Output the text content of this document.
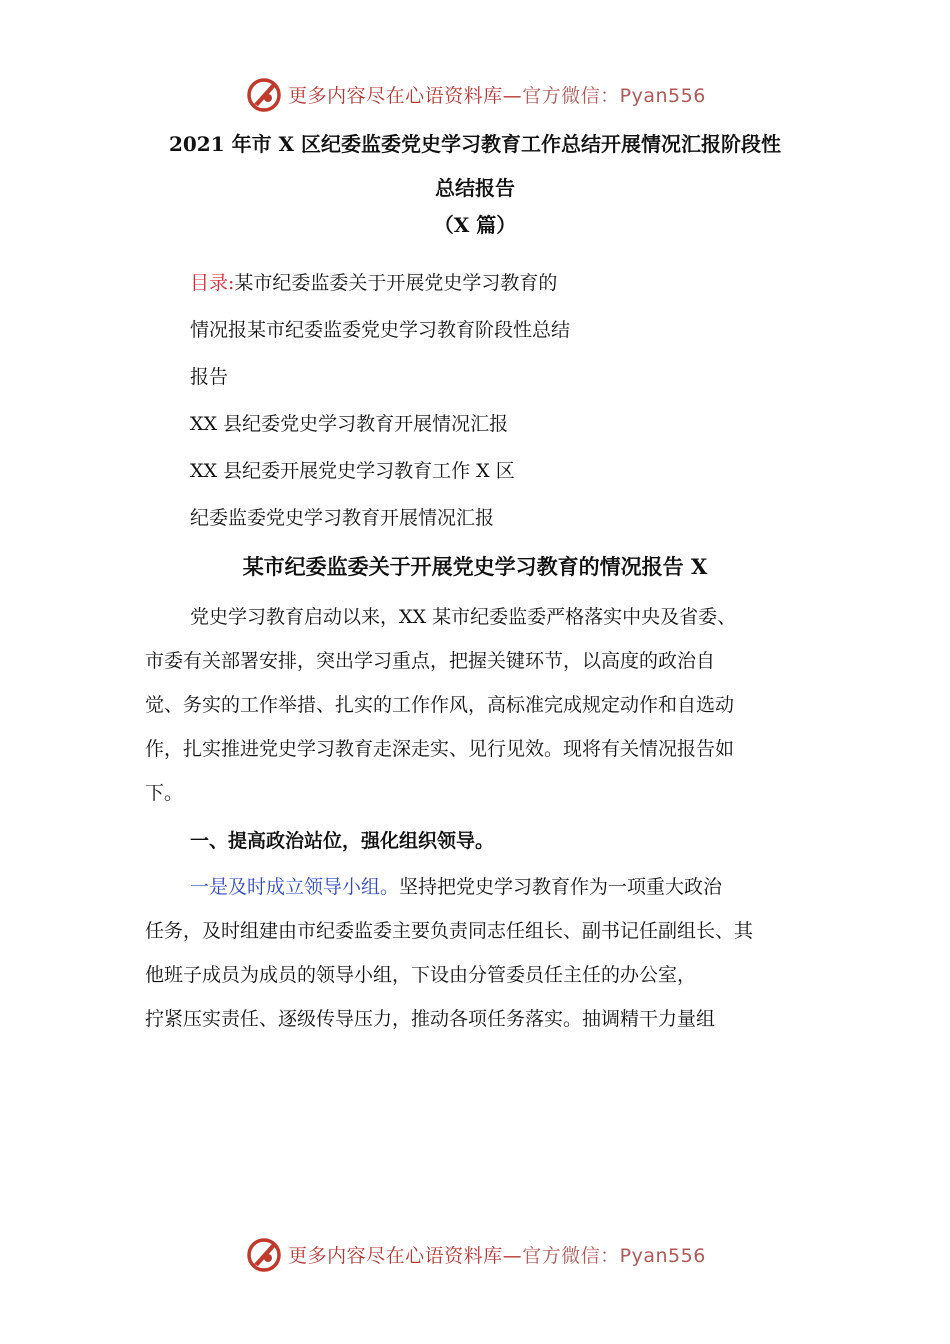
更多内容尽在心语资料库—官方微信：Pyan556
2021 年市 X 区纪委监委党史学习教育工作总结开展情况汇报阶段性
总结报告
（X 篇）
目录:某市纪委监委关于开展党史学习教育的
情况报某市纪委监委党史学习教育阶段性总结
报告
XX 县纪委党史学习教育开展情况汇报
XX 县纪委开展党史学习教育工作 X 区
纪委监委党史学习教育开展情况汇报
某市纪委监委关于开展党史学习教育的情况报告 X
党史学习教育启动以来，XX 某市纪委监委严格落实中央及省委、
市委有关部署安排，突出学习重点，把握关键环节，以高度的政治自
觉、务实的工作举措、扎实的工作作风，高标准完成规定动作和自选动
作，扎实推进党史学习教育走深走实、见行见效。现将有关情况报告如
下。
一、提高政治站位，强化组织领导。
一是及时成立领导小组。坚持把党史学习教育作为一项重大政治
任务，及时组建由市纪委监委主要负责同志任组长、副书记任副组长、其
他班子成员为成员的领导小组，下设由分管委员任主任的办公室，
拧紧压实责任、逐级传导压力，推动各项任务落实。抽调精干力量组
更多内容尽在心语资料库—官方微信：Pyan556
